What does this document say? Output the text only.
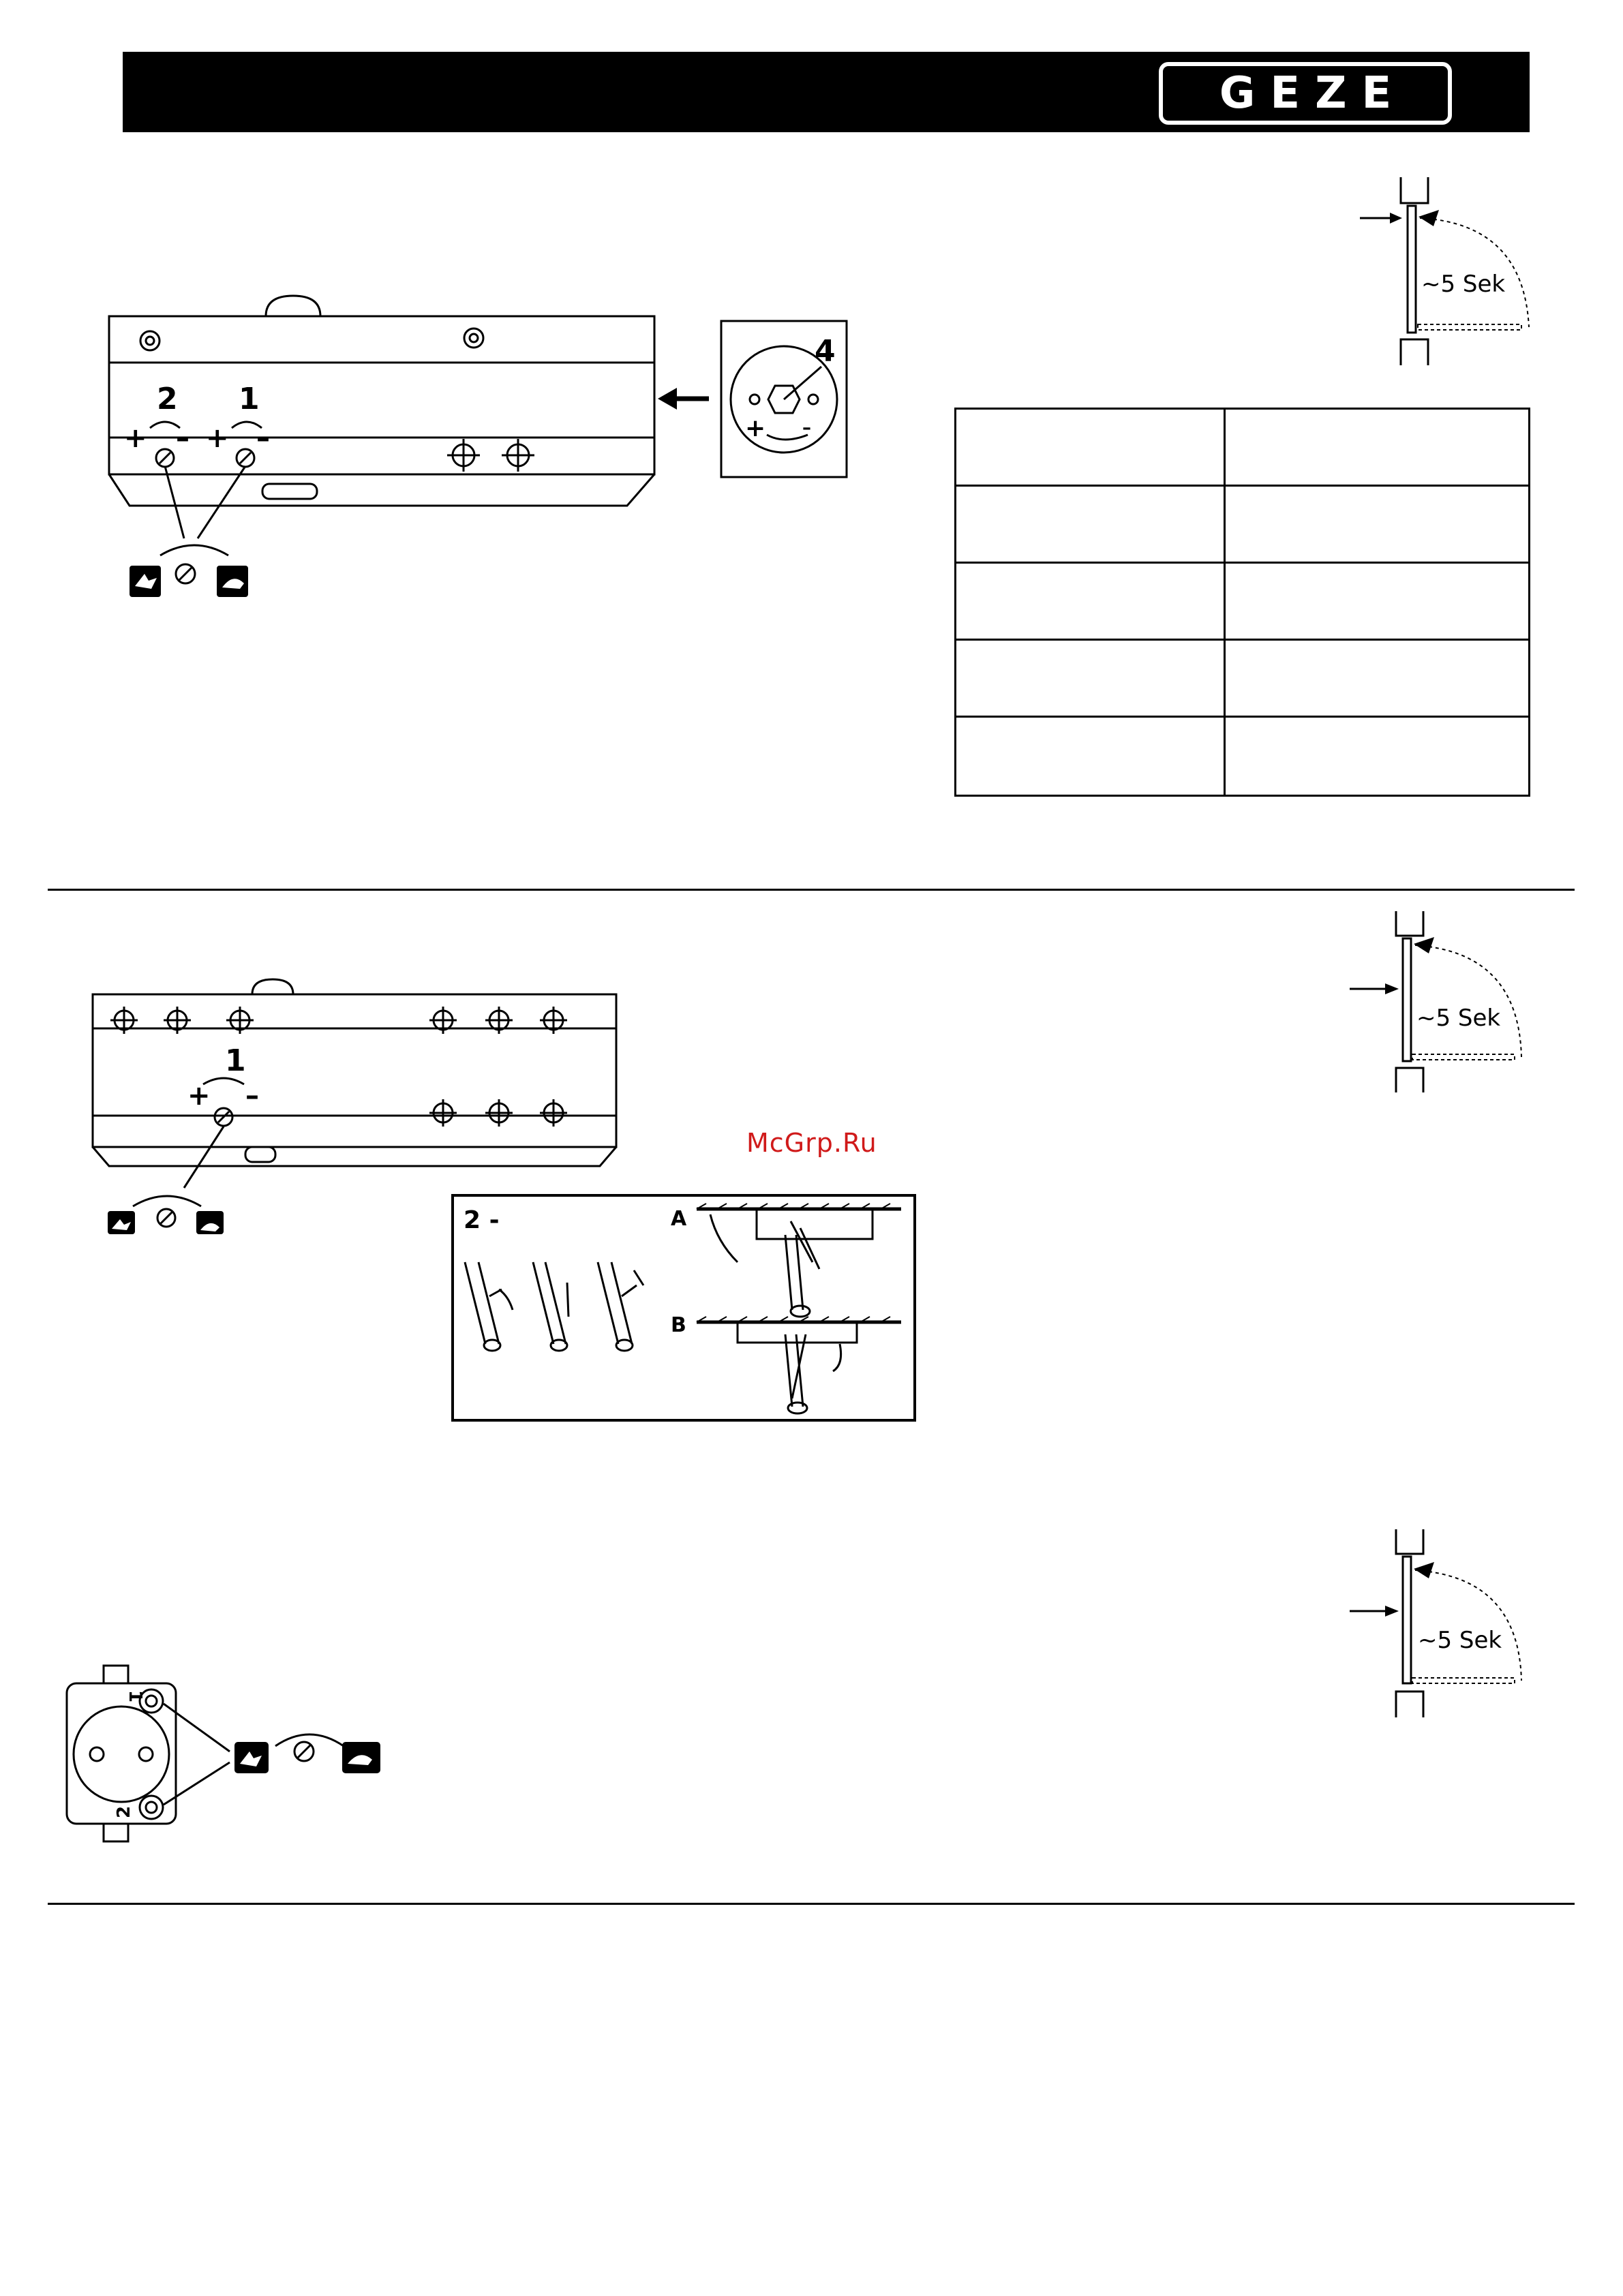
GEZE
2 1
+ – + –
4
+ –
~5 Sek
1
+ –
~5 Sek
McGrp.Ru
2 -	A
B
1
2
~5 Sek
